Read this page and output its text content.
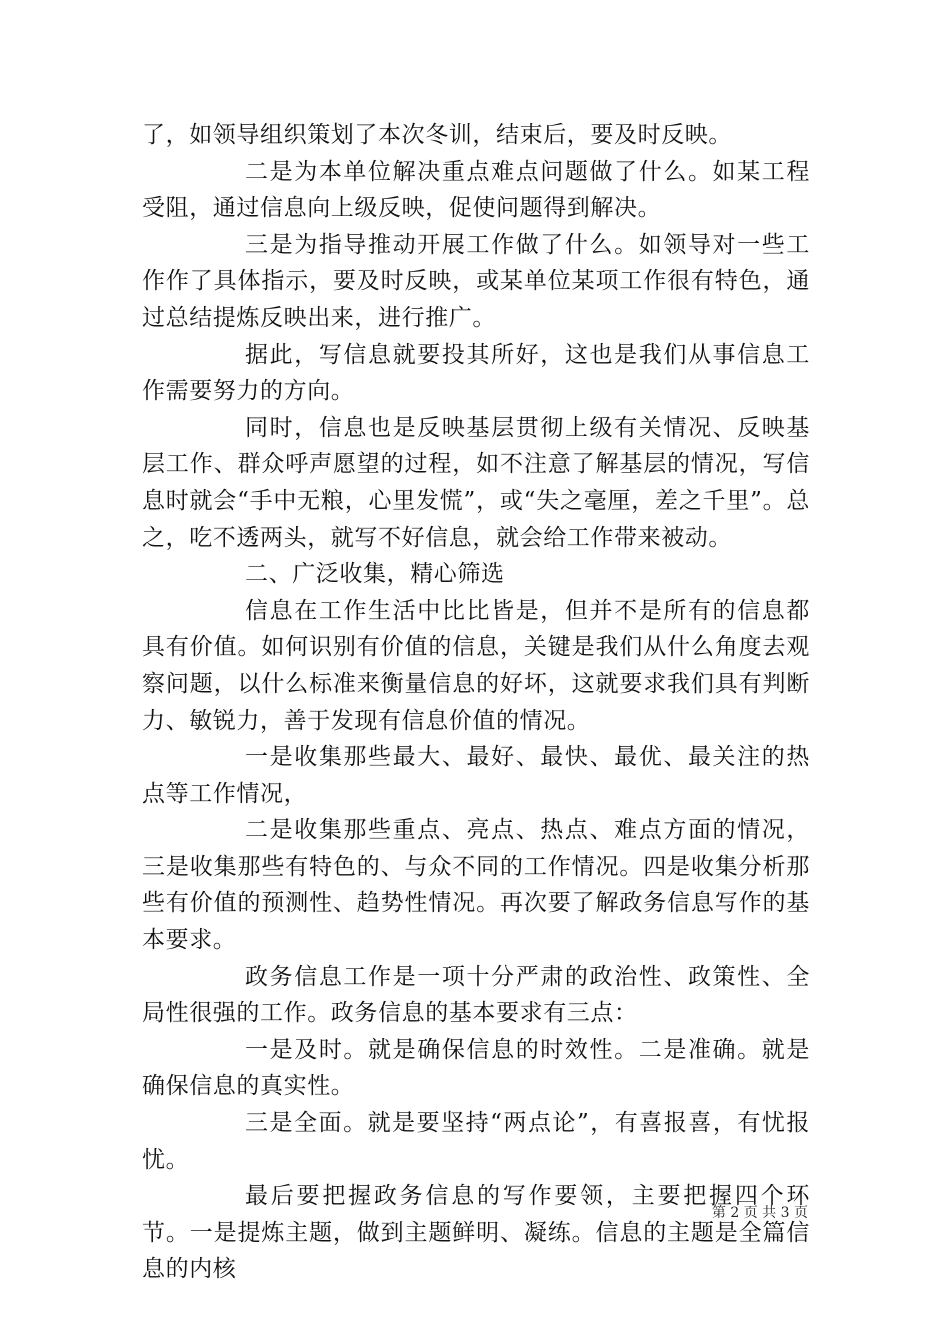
了，如领导组织策划了本次冬训，结束后，要及时反映。

二是为本单位解决重点难点问题做了什么。如某工程受阻，通过信息向上级反映，促使问题得到解决。

三是为指导推动开展工作做了什么。如领导对一些工作作了具体指示，要及时反映，或某单位某项工作很有特色，通过总结提炼反映出来，进行推广。

据此，写信息就要投其所好，这也是我们从事信息工作需要努力的方向。

同时，信息也是反映基层贯彻上级有关情况、反映基层工作、群众呼声愿望的过程，如不注意了解基层的情况，写信息时就会“手中无粮，心里发慌”，或“失之毫厘，差之千里”。总之，吃不透两头，就写不好信息，就会给工作带来被动。

二、广泛收集，精心筛选

信息在工作生活中比比皆是，但并不是所有的信息都具有价值。如何识别有价值的信息，关键是我们从什么角度去观察问题，以什么标准来衡量信息的好坏，这就要求我们具有判断力、敏锐力，善于发现有信息价值的情况。

一是收集那些最大、最好、最快、最优、最关注的热点等工作情况，

二是收集那些重点、亮点、热点、难点方面的情况，三是收集那些有特色的、与众不同的工作情况。四是收集分析那些有价值的预测性、趋势性情况。再次要了解政务信息写作的基本要求。

政务信息工作是一项十分严肃的政治性、政策性、全局性很强的工作。政务信息的基本要求有三点：

一是及时。就是确保信息的时效性。二是准确。就是确保信息的真实性。

三是全面。就是要坚持“两点论”，有喜报喜，有忧报忧。

最后要把握政务信息的写作要领，主要把握四个环节。一是提炼主题，做到主题鲜明、凝练。信息的主题是全篇信息的内核

第 2 页 共 3 页
